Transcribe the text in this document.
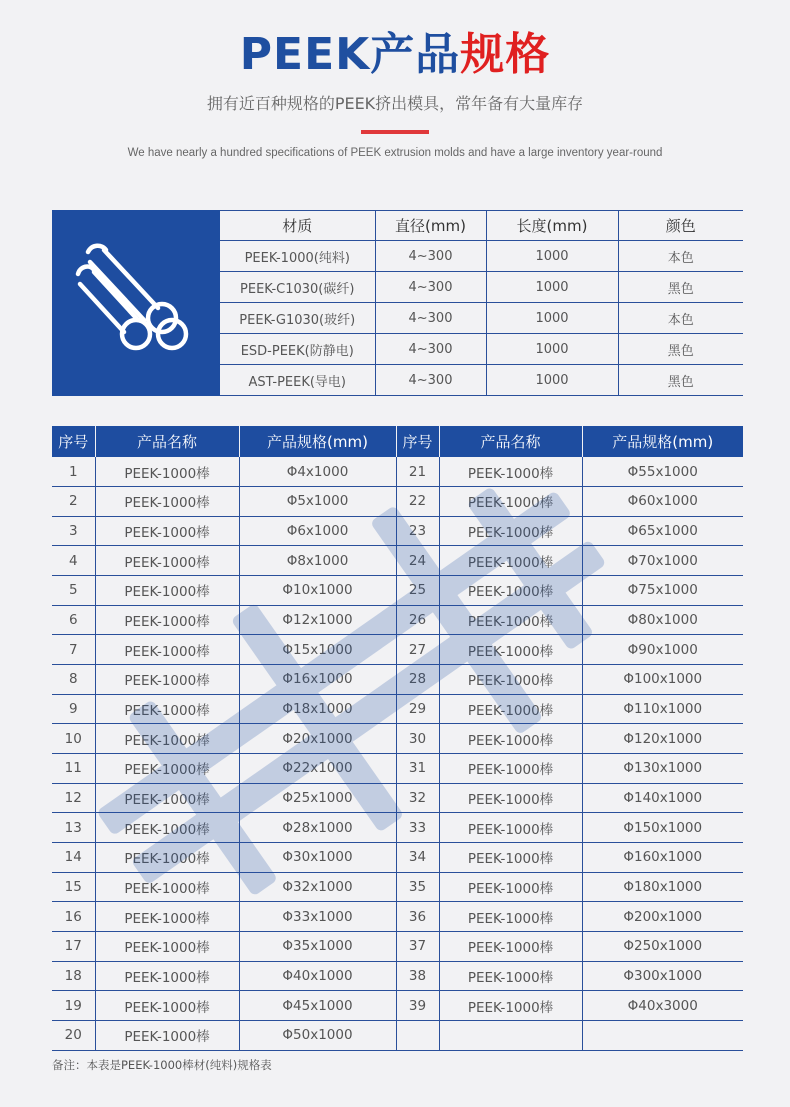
PEEK产品规格
拥有近百种规格的PEEK挤出模具，常年备有大量库存
We have nearly a hundred specifications of PEEK extrusion molds and have a large inventory year-round
材质	直径(mm)	长度(mm)	颜色
PEEK-1000(纯料)	4~300	1000	本色
PEEK-C1030(碳纤)	4~300	1000	黑色
PEEK-G1030(玻纤)	4~300	1000	本色
ESD-PEEK(防静电)	4~300	1000	黑色
AST-PEEK(导电)	4~300	1000	黑色
序号	产品名称	产品规格(mm)	序号	产品名称	产品规格(mm)
1	PEEK-1000棒	Φ4x1000	21	PEEK-1000棒	Φ55x1000
2	PEEK-1000棒	Φ5x1000	22	PEEK-1000棒	Φ60x1000
3	PEEK-1000棒	Φ6x1000	23	PEEK-1000棒	Φ65x1000
4	PEEK-1000棒	Φ8x1000	24	PEEK-1000棒	Φ70x1000
5	PEEK-1000棒	Φ10x1000	25	PEEK-1000棒	Φ75x1000
6	PEEK-1000棒	Φ12x1000	26	PEEK-1000棒	Φ80x1000
7	PEEK-1000棒	Φ15x1000	27	PEEK-1000棒	Φ90x1000
8	PEEK-1000棒	Φ16x1000	28	PEEK-1000棒	Φ100x1000
9	PEEK-1000棒	Φ18x1000	29	PEEK-1000棒	Φ110x1000
10	PEEK-1000棒	Φ20x1000	30	PEEK-1000棒	Φ120x1000
11	PEEK-1000棒	Φ22x1000	31	PEEK-1000棒	Φ130x1000
12	PEEK-1000棒	Φ25x1000	32	PEEK-1000棒	Φ140x1000
13	PEEK-1000棒	Φ28x1000	33	PEEK-1000棒	Φ150x1000
14	PEEK-1000棒	Φ30x1000	34	PEEK-1000棒	Φ160x1000
15	PEEK-1000棒	Φ32x1000	35	PEEK-1000棒	Φ180x1000
16	PEEK-1000棒	Φ33x1000	36	PEEK-1000棒	Φ200x1000
17	PEEK-1000棒	Φ35x1000	37	PEEK-1000棒	Φ250x1000
18	PEEK-1000棒	Φ40x1000	38	PEEK-1000棒	Φ300x1000
19	PEEK-1000棒	Φ45x1000	39	PEEK-1000棒	Φ40x3000
20	PEEK-1000棒	Φ50x1000			
备注：本表是PEEK-1000棒材(纯料)规格表
